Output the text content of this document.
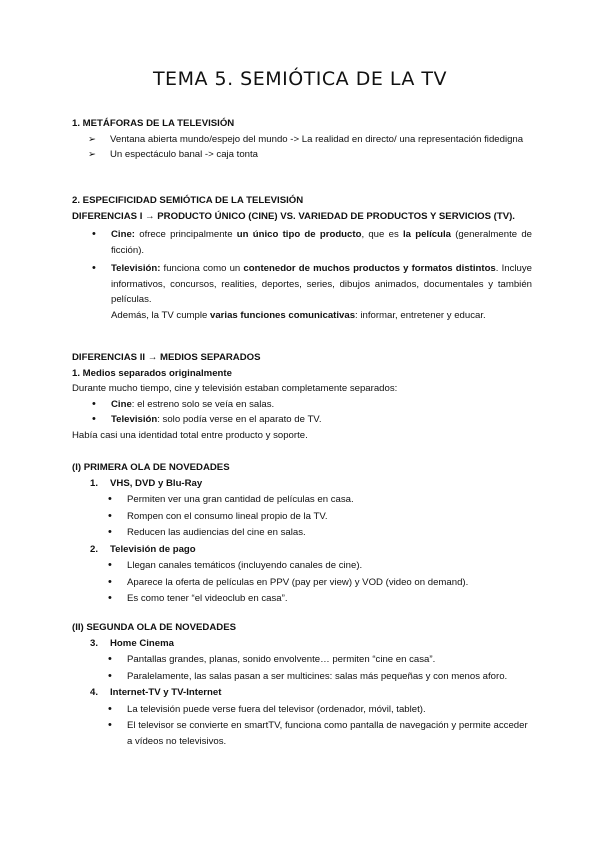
TEMA 5. SEMIÓTICA DE LA TV

1. METÁFORAS DE LA TELEVISIÓN

➢ Ventana abierta mundo/espejo del mundo -> La realidad en directo/ una representación fidedigna
➢ Un espectáculo banal -> caja tonta

2. ESPECIFICIDAD SEMIÓTICA DE LA TELEVISIÓN

DIFERENCIAS I → PRODUCTO ÚNICO (CINE) VS. VARIEDAD DE PRODUCTOS Y SERVICIOS (TV).

• Cine: ofrece principalmente un único tipo de producto, que es la película (generalmente de ficción).
• Televisión: funciona como un contenedor de muchos productos y formatos distintos. Incluye informativos, concursos, realities, deportes, series, dibujos animados, documentales y también películas.

Además, la TV cumple varias funciones comunicativas: informar, entretener y educar.

DIFERENCIAS II → MEDIOS SEPARADOS

1. Medios separados originalmente

Durante mucho tiempo, cine y televisión estaban completamente separados:

• Cine: el estreno solo se veía en salas.
• Televisión: solo podía verse en el aparato de TV.

Había casi una identidad total entre producto y soporte.

(I) PRIMERA OLA DE NOVEDADES

1. VHS, DVD y Blu-Ray
• Permiten ver una gran cantidad de películas en casa.
• Rompen con el consumo lineal propio de la TV.
• Reducen las audiencias del cine en salas.
2. Televisión de pago
• Llegan canales temáticos (incluyendo canales de cine).
• Aparece la oferta de películas en PPV (pay per view) y VOD (video on demand).
• Es como tener “el videoclub en casa”.

(II) SEGUNDA OLA DE NOVEDADES

3. Home Cinema
• Pantallas grandes, planas, sonido envolvente… permiten “cine en casa”.
• Paralelamente, las salas pasan a ser multicines: salas más pequeñas y con menos aforo.
4. Internet-TV y TV-Internet
• La televisión puede verse fuera del televisor (ordenador, móvil, tablet).
• El televisor se convierte en smartTV, funciona como pantalla de navegación y permite acceder a vídeos no televisivos.
